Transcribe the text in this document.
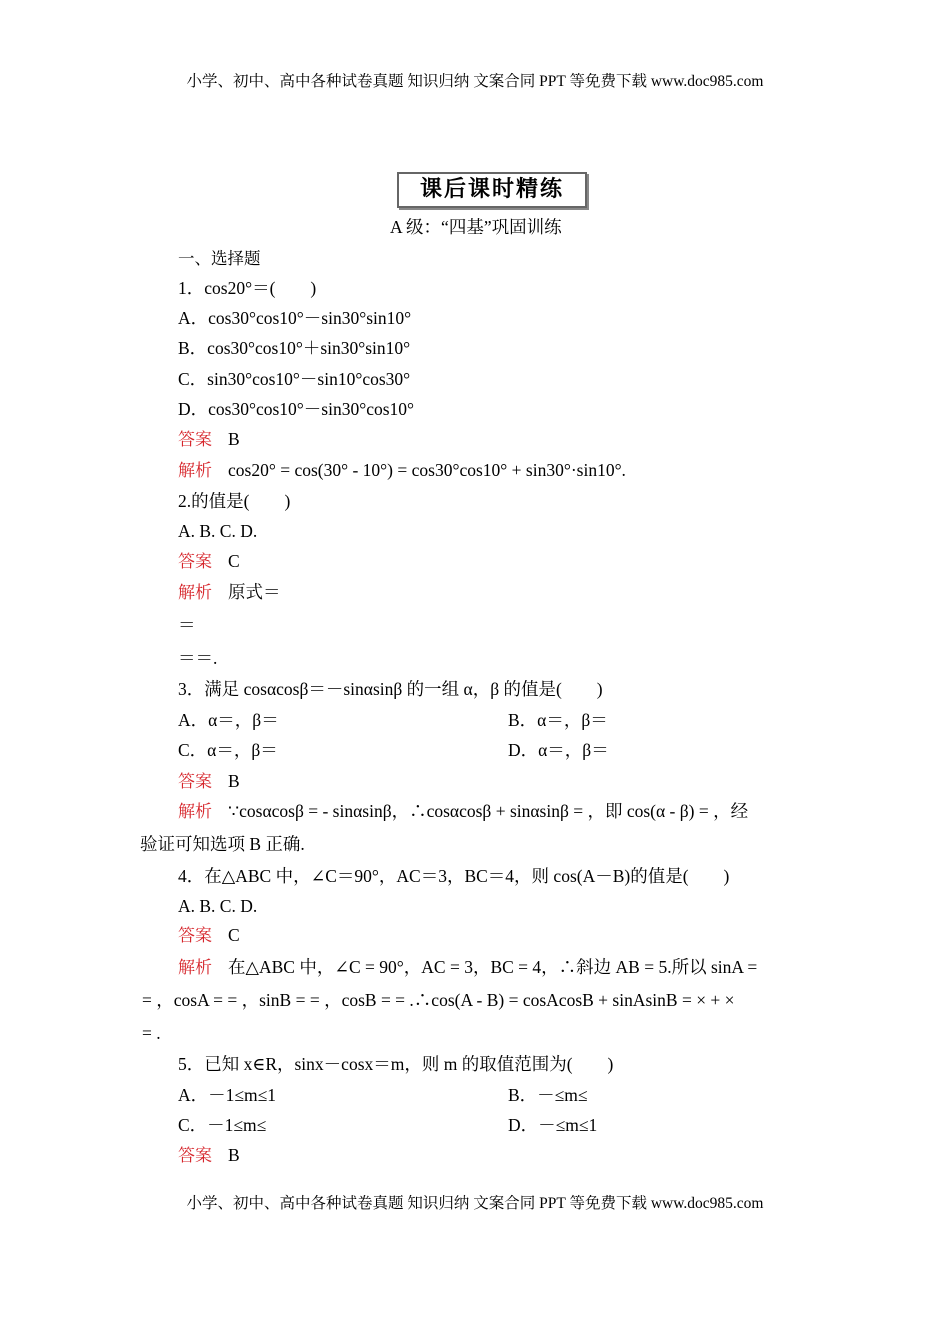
小学、初中、高中各种试卷真题 知识归纳 文案合同 PPT 等免费下载 www.doc985.com
课后课时精练
A 级：“四基”巩固训练
一、选择题
1．cos20°＝(　　)
A．cos30°cos10°－sin30°sin10°
B．cos30°cos10°＋sin30°sin10°
C．sin30°cos10°－sin10°cos30°
D．cos30°cos10°－sin30°cos10°
答案 B
解析 cos20° = cos(30° - 10°) = cos30°cos10° + sin30°·sin10°.
2.的值是(　　)
A. B. C. D.
答案 C
解析 原式＝
＝
＝＝.
3．满足 cosαcosβ＝－sinαsinβ 的一组 α，β 的值是(　　)
A．α＝，β＝	B．α＝，β＝
C．α＝，β＝	D．α＝，β＝
答案 B
解析 ∵cosαcosβ = - sinαsinβ，∴cosαcosβ + sinαsinβ = ，即 cos(α - β) = ，经
验证可知选项 B 正确.
4．在△ABC 中，∠C＝90°，AC＝3，BC＝4，则 cos(A－B)的值是(　　)
A. B. C. D.
答案 C
解析 在△ABC 中，∠C = 90°，AC = 3，BC = 4，∴斜边 AB = 5.所以 sinA =
= ，cosA = = ，sinB = = ，cosB = = .∴cos(A - B) = cosAcosB + sinAsinB = × + ×
= .
5．已知 x∈R，sinx－cosx＝m，则 m 的取值范围为(　　)
A．－1≤m≤1	B．－≤m≤
C．－1≤m≤	D．－≤m≤1
答案 B
小学、初中、高中各种试卷真题 知识归纳 文案合同 PPT 等免费下载 www.doc985.com
